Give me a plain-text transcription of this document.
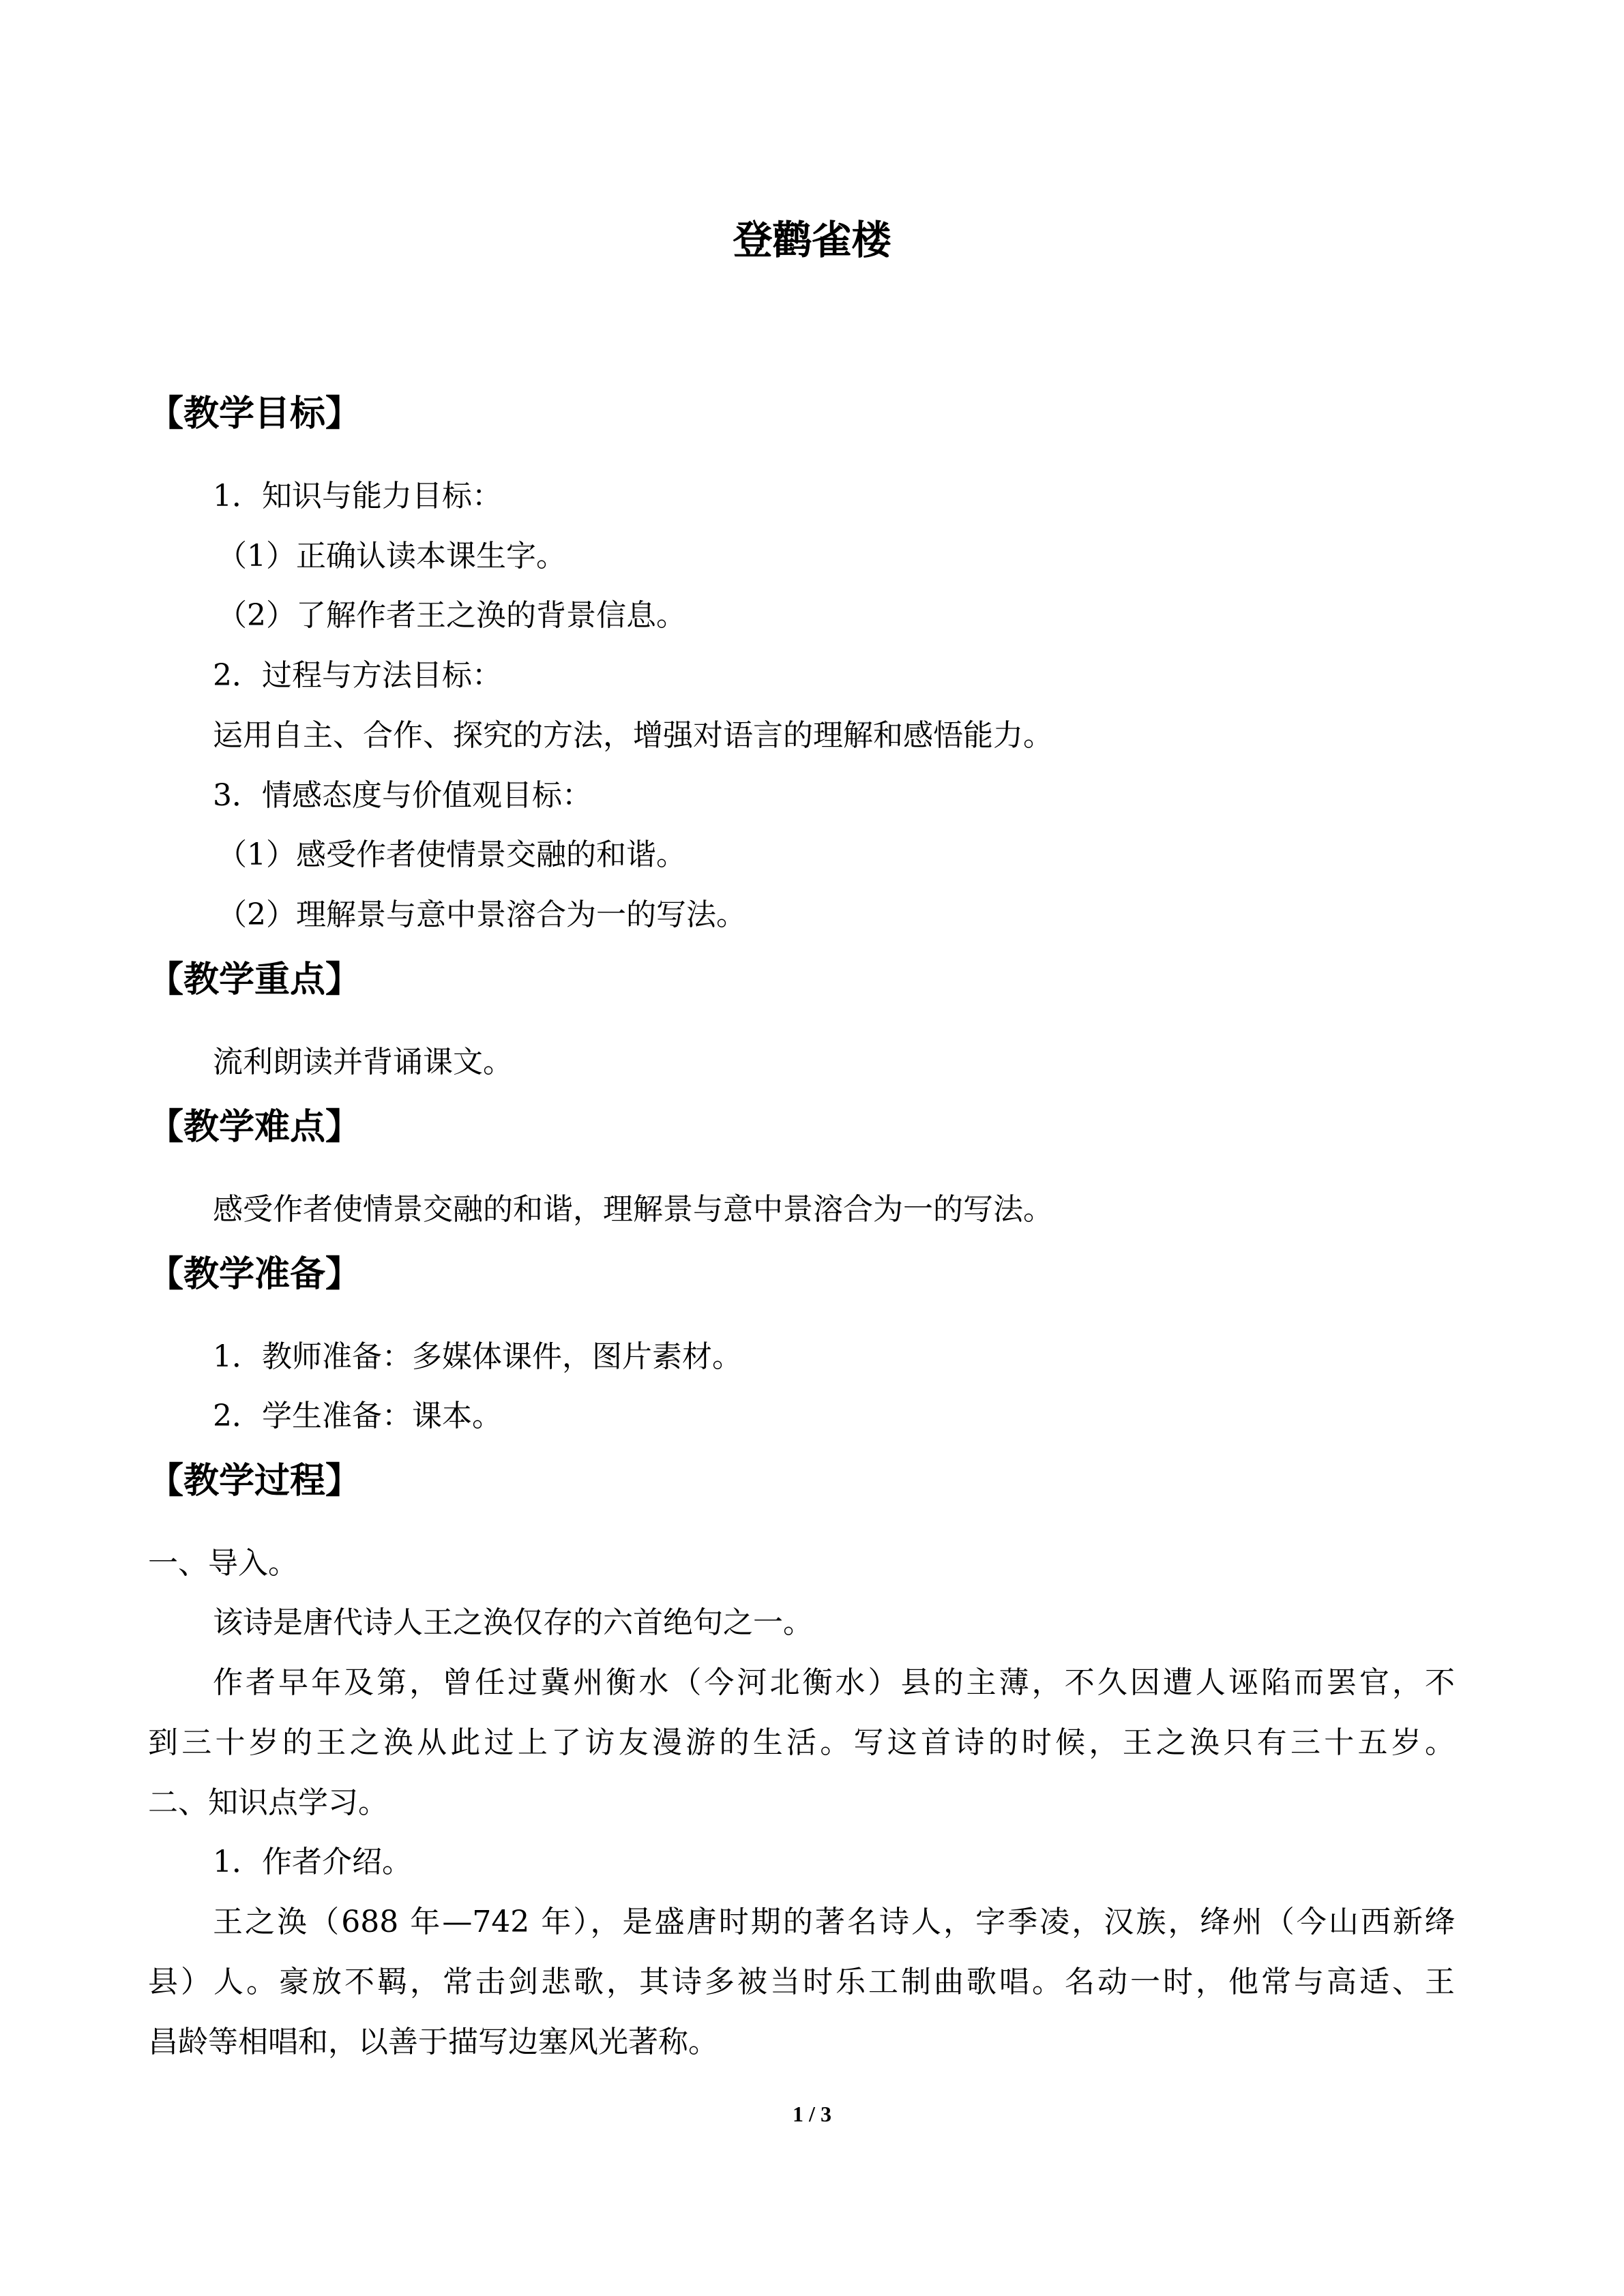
登鹳雀楼
【教学目标】
1．知识与能力目标：
（1）正确认读本课生字。
（2）了解作者王之涣的背景信息。
2．过程与方法目标：
运用自主、合作、探究的方法，增强对语言的理解和感悟能力。
3．情感态度与价值观目标：
（1）感受作者使情景交融的和谐。
（2）理解景与意中景溶合为一的写法。
【教学重点】
流利朗读并背诵课文。
【教学难点】
感受作者使情景交融的和谐，理解景与意中景溶合为一的写法。
【教学准备】
1．教师准备：多媒体课件，图片素材。
2．学生准备：课本。
【教学过程】
一、导入。
该诗是唐代诗人王之涣仅存的六首绝句之一。
作者早年及第，曾任过冀州衡水（今河北衡水）县的主薄，不久因遭人诬陷而罢官，不
到三十岁的王之涣从此过上了访友漫游的生活。写这首诗的时候，王之涣只有三十五岁。
二、知识点学习。
1．作者介绍。
王之涣（688 年—742 年），是盛唐时期的著名诗人，字季凌，汉族，绛州（今山西新绛
县）人。豪放不羁，常击剑悲歌，其诗多被当时乐工制曲歌唱。名动一时，他常与高适、王
昌龄等相唱和，以善于描写边塞风光著称。
1 / 3
